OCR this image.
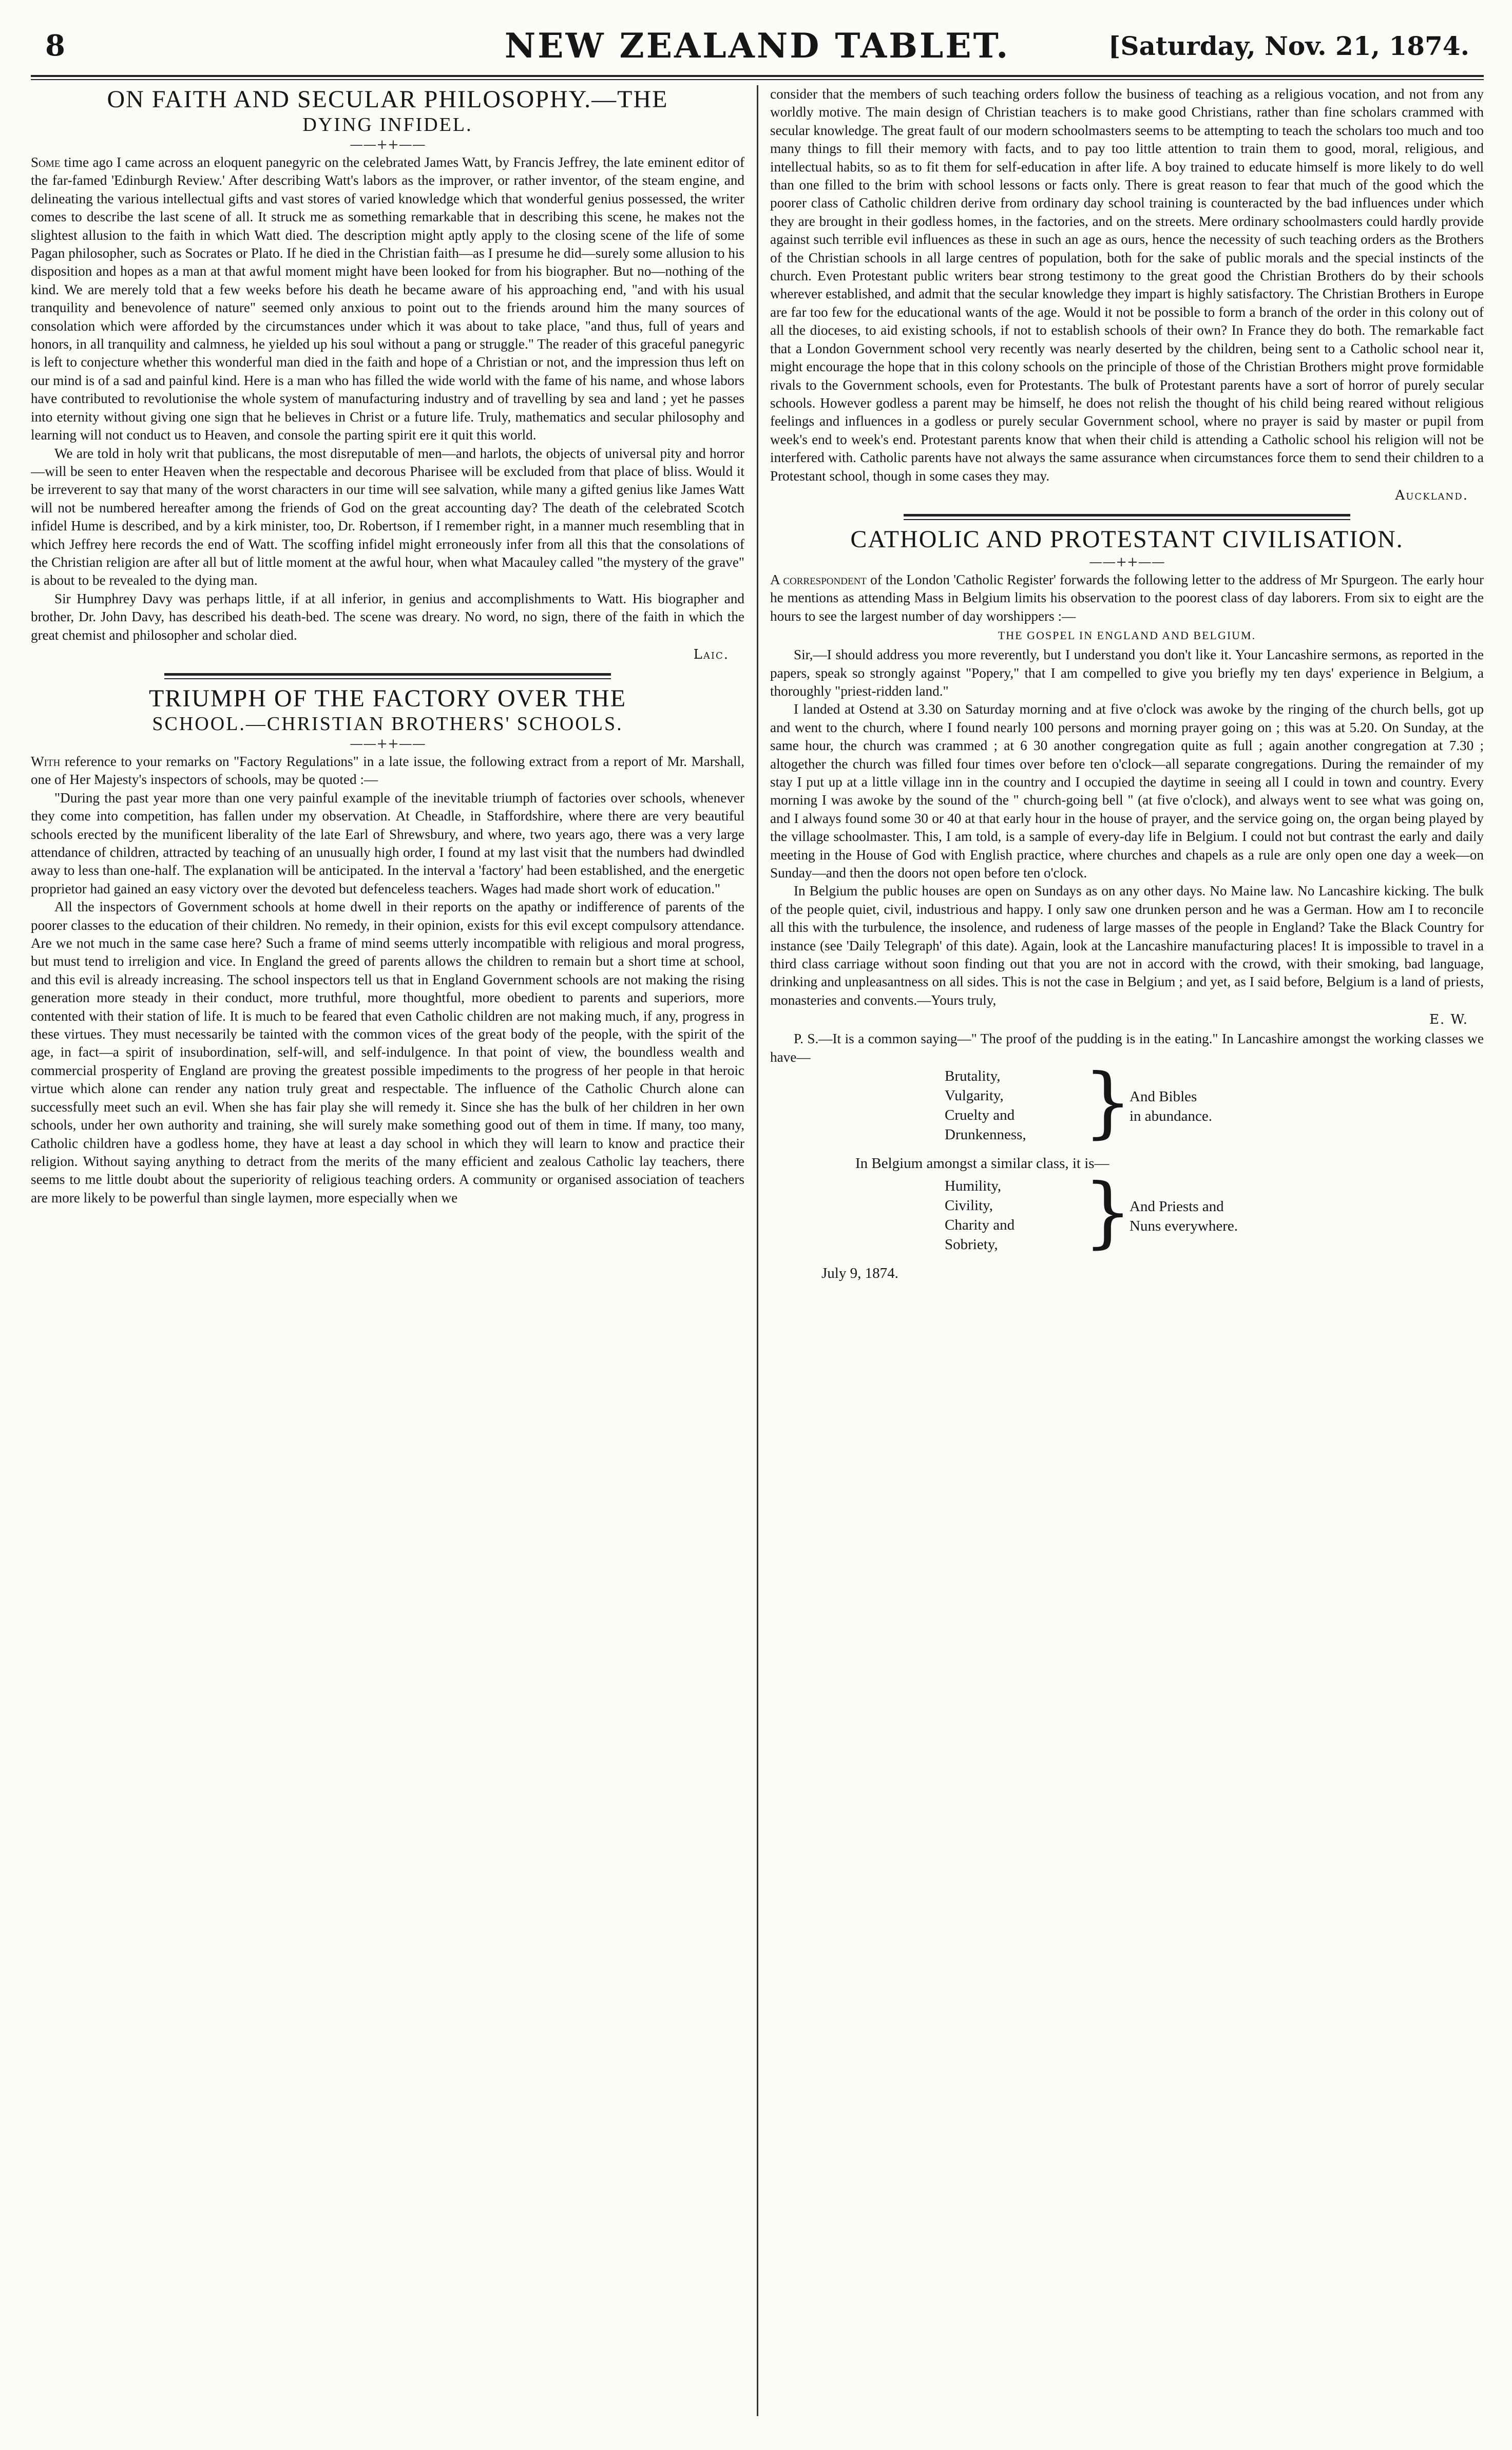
8	NEW ZEALAND TABLET.	[Saturday, Nov. 21, 1874.
ON FAITH AND SECULAR PHILOSOPHY.—THE
DYING INFIDEL.
——++——

Some time ago I came across an eloquent panegyric on the celebrated James Watt, by Francis Jeffrey, the late eminent editor of the far-famed 'Edinburgh Review.' After describing Watt's labors as the improver, or rather inventor, of the steam engine, and delineating the various intellectual gifts and vast stores of varied knowledge which that wonderful genius possessed, the writer comes to describe the last scene of all. It struck me as something remarkable that in describing this scene, he makes not the slightest allusion to the faith in which Watt died. The description might aptly apply to the closing scene of the life of some Pagan philosopher, such as Socrates or Plato. If he died in the Christian faith—as I presume he did—surely some allusion to his disposition and hopes as a man at that awful moment might have been looked for from his biographer. But no—nothing of the kind. We are merely told that a few weeks before his death he became aware of his approaching end, "and with his usual tranquility and benevolence of nature" seemed only anxious to point out to the friends around him the many sources of consolation which were afforded by the circumstances under which it was about to take place, "and thus, full of years and honors, in all tranquility and calmness, he yielded up his soul without a pang or struggle." The reader of this graceful panegyric is left to conjecture whether this wonderful man died in the faith and hope of a Christian or not, and the impression thus left on our mind is of a sad and painful kind. Here is a man who has filled the wide world with the fame of his name, and whose labors have contributed to revolutionise the whole system of manufacturing industry and of travelling by sea and land ; yet he passes into eternity without giving one sign that he believes in Christ or a future life. Truly, mathematics and secular philosophy and learning will not conduct us to Heaven, and console the parting spirit ere it quit this world.

We are told in holy writ that publicans, the most disreputable of men—and harlots, the objects of universal pity and horror—will be seen to enter Heaven when the respectable and decorous Pharisee will be excluded from that place of bliss. Would it be irreverent to say that many of the worst characters in our time will see salvation, while many a gifted genius like James Watt will not be numbered hereafter among the friends of God on the great accounting day? The death of the celebrated Scotch infidel Hume is described, and by a kirk minister, too, Dr. Robertson, if I remember right, in a manner much resembling that in which Jeffrey here records the end of Watt. The scoffing infidel might erroneously infer from all this that the consolations of the Christian religion are after all but of little moment at the awful hour, when what Macauley called "the mystery of the grave" is about to be revealed to the dying man.

Sir Humphrey Davy was perhaps little, if at all inferior, in genius and accomplishments to Watt. His biographer and brother, Dr. John Davy, has described his death-bed. The scene was dreary. No word, no sign, there of the faith in which the great chemist and philosopher and scholar died.

Laic.
TRIUMPH OF THE FACTORY OVER THE
SCHOOL.—CHRISTIAN BROTHERS' SCHOOLS.
——++——

With reference to your remarks on "Factory Regulations" in a late issue, the following extract from a report of Mr. Marshall, one of Her Majesty's inspectors of schools, may be quoted :—

"During the past year more than one very painful example of the inevitable triumph of factories over schools, whenever they come into competition, has fallen under my observation. At Cheadle, in Staffordshire, where there are very beautiful schools erected by the munificent liberality of the late Earl of Shrewsbury, and where, two years ago, there was a very large attendance of children, attracted by teaching of an unusually high order, I found at my last visit that the numbers had dwindled away to less than one-half. The explanation will be anticipated. In the interval a 'factory' had been established, and the energetic proprietor had gained an easy victory over the devoted but defenceless teachers. Wages had made short work of education."

All the inspectors of Government schools at home dwell in their reports on the apathy or indifference of parents of the poorer classes to the education of their children. No remedy, in their opinion, exists for this evil except compulsory attendance. Are we not much in the same case here? Such a frame of mind seems utterly incompatible with religious and moral progress, but must tend to irreligion and vice. In England the greed of parents allows the children to remain but a short time at school, and this evil is already increasing. The school inspectors tell us that in England Government schools are not making the rising generation more steady in their conduct, more truthful, more thoughtful, more obedient to parents and superiors, more contented with their station of life. It is much to be feared that even Catholic children are not making much, if any, progress in these virtues. They must necessarily be tainted with the common vices of the great body of the people, with the spirit of the age, in fact—a spirit of insubordination, self-will, and self-indulgence. In that point of view, the boundless wealth and commercial prosperity of England are proving the greatest possible impediments to the progress of her people in that heroic virtue which alone can render any nation truly great and respectable. The influence of the Catholic Church alone can successfully meet such an evil. When she has fair play she will remedy it. Since she has the bulk of her children in her own schools, under her own authority and training, she will surely make something good out of them in time. If many, too many, Catholic children have a godless home, they have at least a day school in which they will learn to know and practice their religion. Without saying anything to detract from the merits of the many efficient and zealous Catholic lay teachers, there seems to me little doubt about the superiority of religious teaching orders. A community or organised association of teachers are more likely to be powerful than single laymen, more especially when we

consider that the members of such teaching orders follow the business of teaching as a religious vocation, and not from any worldly motive. The main design of Christian teachers is to make good Christians, rather than fine scholars crammed with secular knowledge. The great fault of our modern schoolmasters seems to be attempting to teach the scholars too much and too many things to fill their memory with facts, and to pay too little attention to train them to good, moral, religious, and intellectual habits, so as to fit them for self-education in after life. A boy trained to educate himself is more likely to do well than one filled to the brim with school lessons or facts only. There is great reason to fear that much of the good which the poorer class of Catholic children derive from ordinary day school training is counteracted by the bad influences under which they are brought in their godless homes, in the factories, and on the streets. Mere ordinary schoolmasters could hardly provide against such terrible evil influences as these in such an age as ours, hence the necessity of such teaching orders as the Brothers of the Christian schools in all large centres of population, both for the sake of public morals and the special instincts of the church. Even Protestant public writers bear strong testimony to the great good the Christian Brothers do by their schools wherever established, and admit that the secular knowledge they impart is highly satisfactory. The Christian Brothers in Europe are far too few for the educational wants of the age. Would it not be possible to form a branch of the order in this colony out of all the dioceses, to aid existing schools, if not to establish schools of their own? In France they do both. The remarkable fact that a London Government school very recently was nearly deserted by the children, being sent to a Catholic school near it, might encourage the hope that in this colony schools on the principle of those of the Christian Brothers might prove formidable rivals to the Government schools, even for Protestants. The bulk of Protestant parents have a sort of horror of purely secular schools. However godless a parent may be himself, he does not relish the thought of his child being reared without religious feelings and influences in a godless or purely secular Government school, where no prayer is said by master or pupil from week's end to week's end. Protestant parents know that when their child is attending a Catholic school his religion will not be interfered with. Catholic parents have not always the same assurance when circumstances force them to send their children to a Protestant school, though in some cases they may.

Auckland.
CATHOLIC AND PROTESTANT CIVILISATION.
——++——

A correspondent of the London 'Catholic Register' forwards the following letter to the address of Mr Spurgeon. The early hour he mentions as attending Mass in Belgium limits his observation to the poorest class of day laborers. From six to eight are the hours to see the largest number of day worshippers :—

THE GOSPEL IN ENGLAND AND BELGIUM.

Sir,—I should address you more reverently, but I understand you don't like it. Your Lancashire sermons, as reported in the papers, speak so strongly against "Popery," that I am compelled to give you briefly my ten days' experience in Belgium, a thoroughly "priest-ridden land."

I landed at Ostend at 3.30 on Saturday morning and at five o'clock was awoke by the ringing of the church bells, got up and went to the church, where I found nearly 100 persons and morning prayer going on ; this was at 5.20. On Sunday, at the same hour, the church was crammed ; at 6 30 another congregation quite as full ; again another congregation at 7.30 ; altogether the church was filled four times over before ten o'clock—all separate congregations. During the remainder of my stay I put up at a little village inn in the country and I occupied the daytime in seeing all I could in town and country. Every morning I was awoke by the sound of the " church-going bell " (at five o'clock), and always went to see what was going on, and I always found some 30 or 40 at that early hour in the house of prayer, and the service going on, the organ being played by the village schoolmaster. This, I am told, is a sample of every-day life in Belgium. I could not but contrast the early and daily meeting in the House of God with English practice, where churches and chapels as a rule are only open one day a week—on Sunday—and then the doors not open before ten o'clock.

In Belgium the public houses are open on Sundays as on any other days. No Maine law. No Lancashire kicking. The bulk of the people quiet, civil, industrious and happy. I only saw one drunken person and he was a German. How am I to reconcile all this with the turbulence, the insolence, and rudeness of large masses of the people in England? Take the Black Country for instance (see 'Daily Telegraph' of this date). Again, look at the Lancashire manufacturing places! It is impossible to travel in a third class carriage without soon finding out that you are not in accord with the crowd, with their smoking, bad language, drinking and unpleasantness on all sides. This is not the case in Belgium ; and yet, as I said before, Belgium is a land of priests, monasteries and convents.—Yours truly,

E. W.

P. S.—It is a common saying—" The proof of the pudding is in the eating." In Lancashire amongst the working classes we have—

Brutality,
Vulgarity,
Cruelty and
Drunkenness, }
And Bibles
in abundance.
In Belgium amongst a similar class, it is—
Humility,
Civility,
Charity and
Sobriety, }
And Priests and
Nuns everywhere.
July 9, 1874.
